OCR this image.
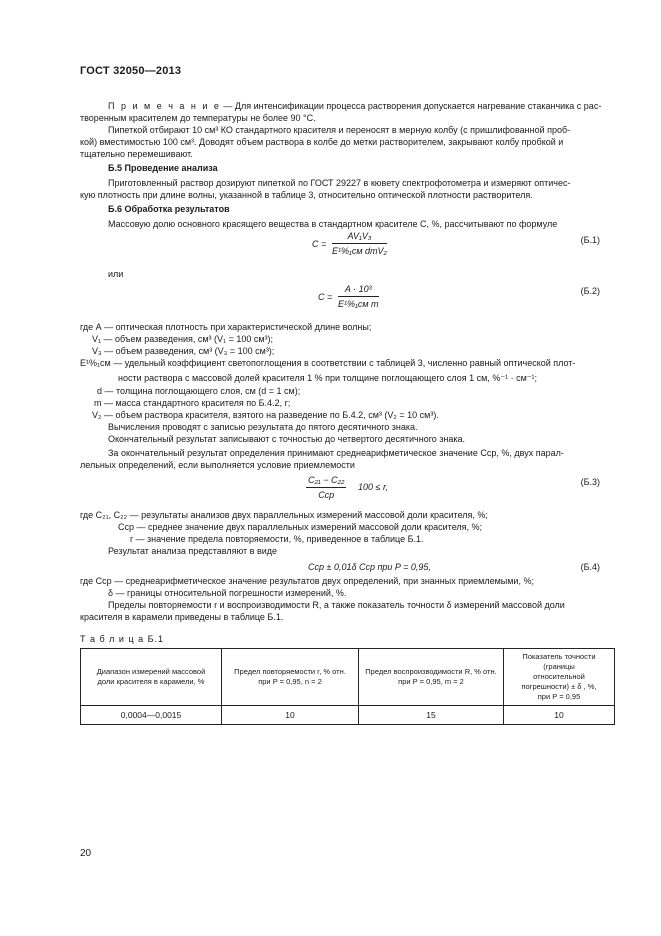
ГОСТ 32050—2013
П р и м е ч а н и е — Для интенсификации процесса растворения допускается нагревание стаканчика с рас-
творенным красителем до температуры не более 90 °С.
Пипеткой отбирают 10 см³ КО стандартного красителя и переносят в мерную колбу (с пришлифованной проб-
кой) вместимостью 100 см³. Доводят объем раствора в колбе до метки растворителем, закрывают колбу пробкой и
тщательно перемешивают.
Б.5 Проведение анализа
Приготовленный раствор дозируют пипеткой по ГОСТ 29227 в кювету спектрофотометра и измеряют оптичес-
кую плотность при длине волны, указанной в таблице 3, относительно оптической плотности растворителя.
Б.6 Обработка результатов
Массовую долю основного красящего вещества в стандартном красителе С, %, рассчитывают по формуле
C =
AV₁V₃
E¹%₁см dmV₂
(Б.1)
или
C =
A · 10³
E¹%₁см m
(Б.2)
где А — оптическая плотность при характеристической длине волны;
V₁ — объем разведения, см³ (V₁ = 100 см³);
V₃ — объем разведения, см³ (V₃ = 100 см³);
E¹%₁см — удельный коэффициент светопоглощения в соответствии с таблицей 3, численно равный оптической плот-
ности раствора с массовой долей красителя 1 % при толщине поглощающего слоя 1 см, %⁻¹ · см⁻¹;
d — толщина поглощающего слоя, см (d = 1 см);
m — масса стандартного красителя по Б.4.2, г;
V₂ — объем раствора красителя, взятого на разведение по Б.4.2, см³ (V₂ = 10 см³).
Вычисления проводят с записью результата до пятого десятичного знака.
Окончательный результат записывают с точностью до четвертого десятичного знака.
За окончательный результат определения принимают среднеарифметическое значение Сср, %, двух парал-
лельных определений, если выполняется условие приемлемости
C₂₁ − C₂₂
Сср
100 ≤ r,	(Б.3)
где С₂₁, С₂₂ — результаты анализов двух параллельных измерений массовой доли красителя, %;
Сср — среднее значение двух параллельных измерений массовой доли красителя, %;
r — значение предела повторяемости, %, приведенное в таблице Б.1.
Результат анализа представляют в виде
Сср ± 0,01δ Сср при P = 0,95,	(Б.4)
где Сср — среднеарифметическое значение результатов двух определений, при знанных приемлемыми, %;
δ — границы относительной погрешности измерений, %.
Пределы повторяемости r и воспроизводимости R, а также показатель точности δ измерений массовой доли
красителя в карамели приведены в таблице Б.1.
Т а б л и ц а Б.1
Диапазон измерений массовой доли красителя в карамели, %	Предел повторяемости r, % отн. при P = 0,95, n = 2	Предел воспроизводимости R, % отн. при P = 0,95, m = 2	Показатель точности (границы относительной погрешности) ± δ , %, при P = 0,95
0,0004—0,0015	10	15	10
20
